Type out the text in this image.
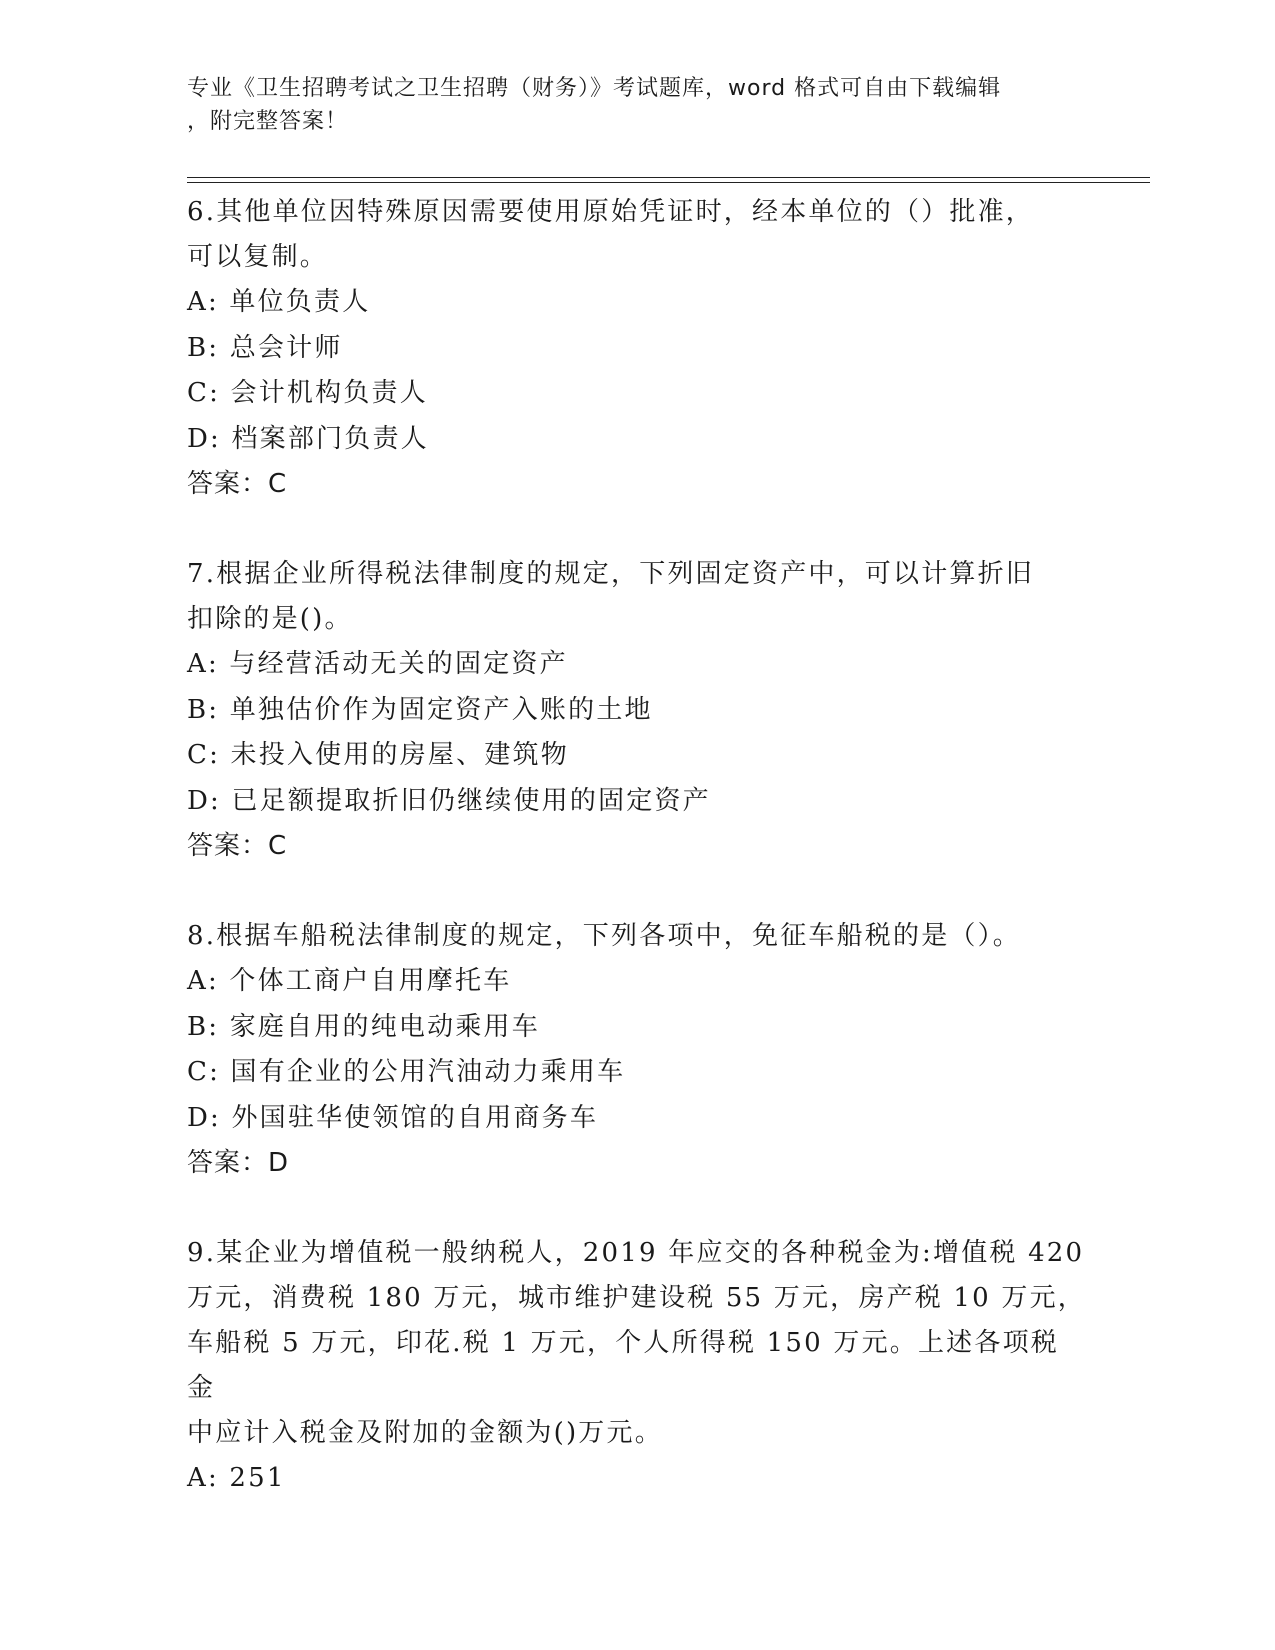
专业《卫生招聘考试之卫生招聘（财务）》考试题库，word 格式可自由下载编辑
，附完整答案！
6.其他单位因特殊原因需要使用原始凭证时，经本单位的（）批准，
可以复制。
A: 单位负责人
B: 总会计师
C: 会计机构负责人
D: 档案部门负责人
答案：C
7.根据企业所得税法律制度的规定，下列固定资产中，可以计算折旧
扣除的是()。
A: 与经营活动无关的固定资产
B: 单独估价作为固定资产入账的土地
C: 未投入使用的房屋、建筑物
D: 已足额提取折旧仍继续使用的固定资产
答案：C
8.根据车船税法律制度的规定，下列各项中，免征车船税的是（）。
A: 个体工商户自用摩托车
B: 家庭自用的纯电动乘用车
C: 国有企业的公用汽油动力乘用车
D: 外国驻华使领馆的自用商务车
答案：D
9.某企业为增值税一般纳税人，2019 年应交的各种税金为:增值税 420
万元，消费税 180 万元，城市维护建设税 55 万元，房产税 10 万元，
车船税 5 万元，印花.税 1 万元，个人所得税 150 万元。上述各项税金
中应计入税金及附加的金额为()万元。
A: 251
